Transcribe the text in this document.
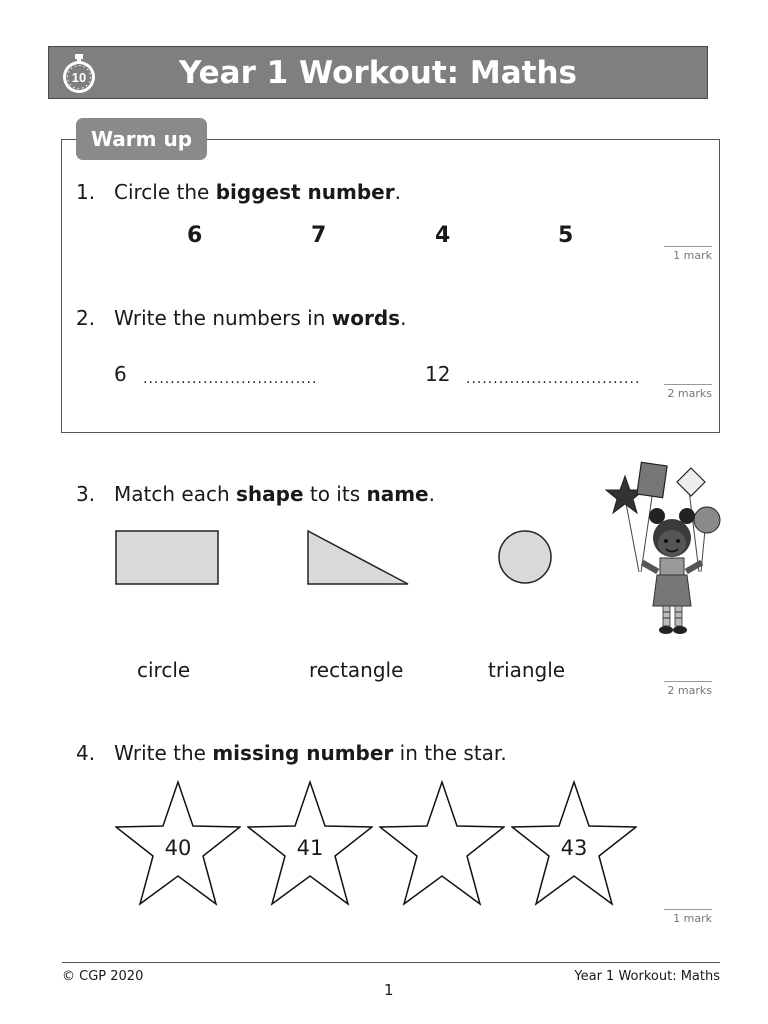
Year 1 Workout: Maths
10
Warm up
1. Circle the biggest number.
6	7	4	5
1 mark
2. Write the numbers in words.
6 ................................	12 ................................
2 marks
3. Match each shape to its name.
circle	rectangle	triangle
2 marks
4. Write the missing number in the star.
40	41	43
1 mark
© CGP 2020
1
Year 1 Workout: Maths
